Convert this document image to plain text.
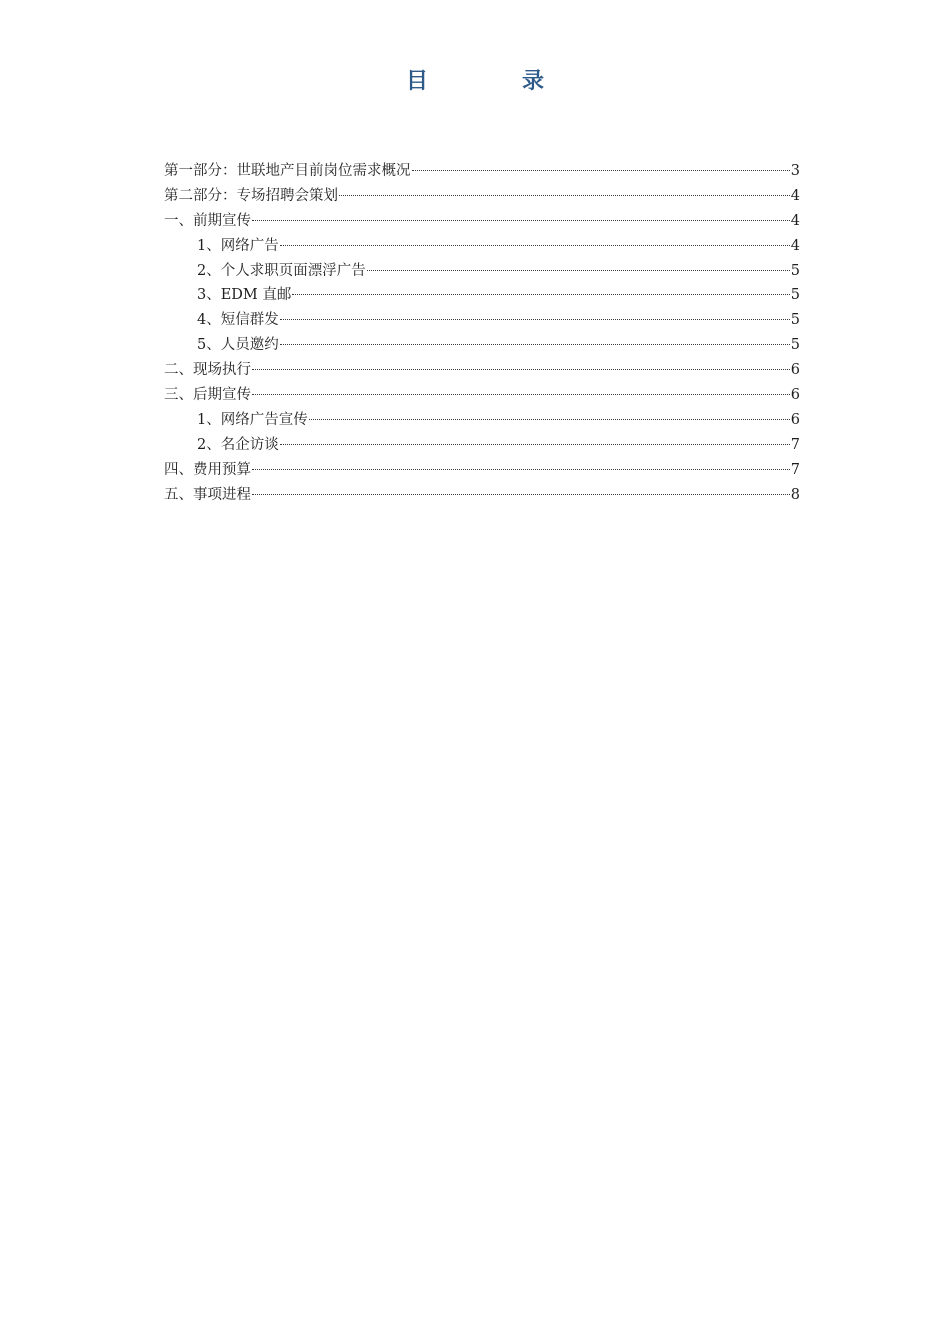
目　录
第一部分：世联地产目前岗位需求概况	3
第二部分：专场招聘会策划	4
一、前期宣传	4
1、网络广告	4
2、个人求职页面漂浮广告	5
3、EDM 直邮	5
4、短信群发	5
5、人员邀约	5
二、现场执行	6
三、后期宣传	6
1、网络广告宣传	6
2、名企访谈	7
四、费用预算	7
五、事项进程	8
